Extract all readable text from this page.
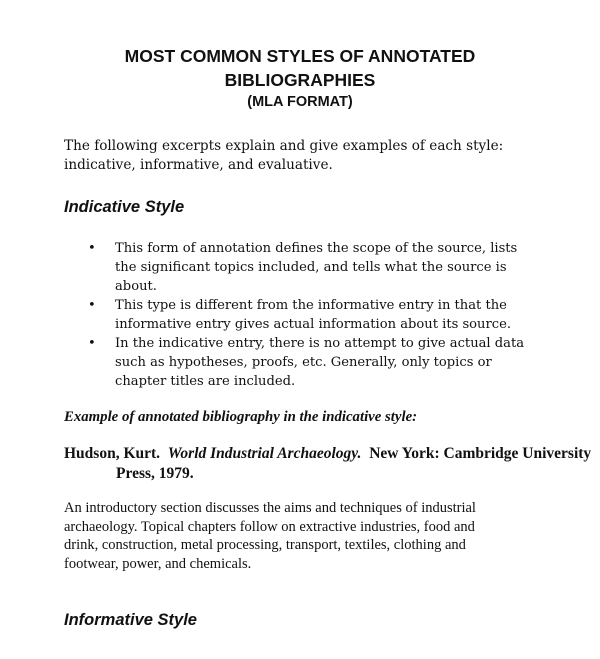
MOST COMMON STYLES OF ANNOTATED
BIBLIOGRAPHIES
(MLA FORMAT)
The following excerpts explain and give examples of each style:
indicative, informative, and evaluative.
Indicative Style
• This form of annotation defines the scope of the source, lists
the significant topics included, and tells what the source is
about.
• This type is different from the informative entry in that the
informative entry gives actual information about its source.
• In the indicative entry, there is no attempt to give actual data
such as hypotheses, proofs, etc. Generally, only topics or
chapter titles are included.
Example of annotated bibliography in the indicative style:
Hudson, Kurt. World Industrial Archaeology. New York: Cambridge University Press, 1979.
An introductory section discusses the aims and techniques of industrial
archaeology. Topical chapters follow on extractive industries, food and
drink, construction, metal processing, transport, textiles, clothing and
footwear, power, and chemicals.
Informative Style
